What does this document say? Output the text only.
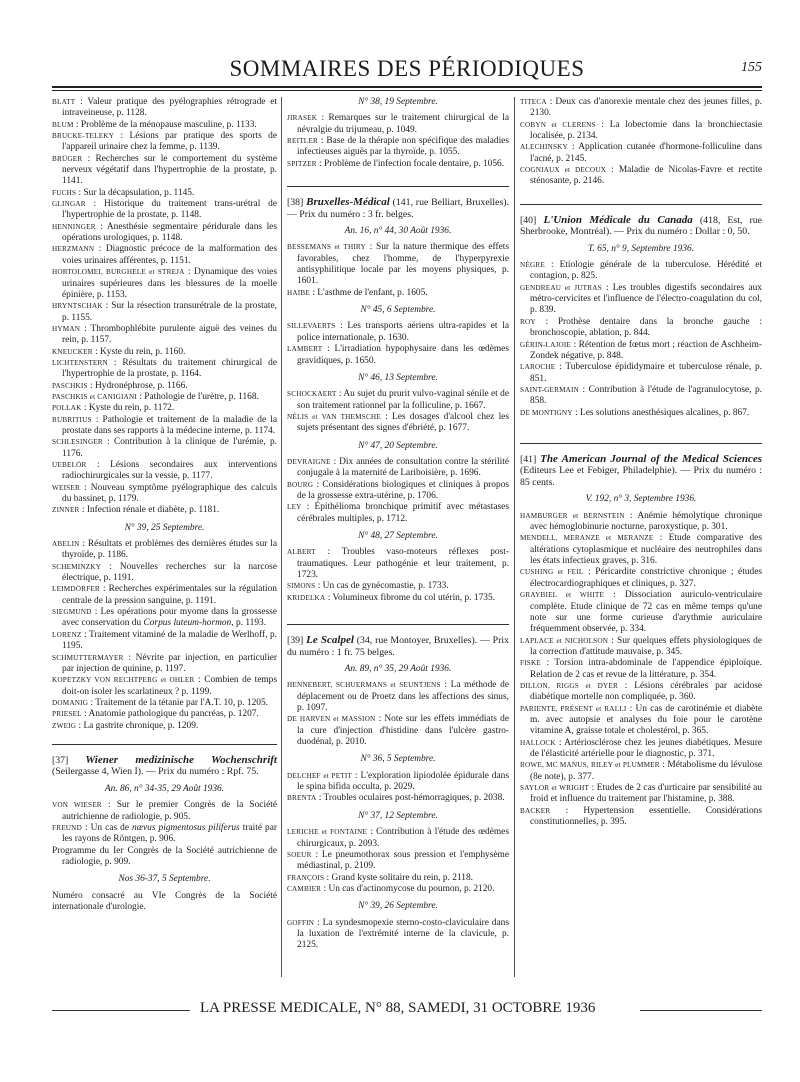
SOMMAIRES DES PÉRIODIQUES	155

BLATT : Valeur pratique des pyélographies rétrograde et intraveineuse, p. 1128.

BLUM : Problème de la ménopause masculine, p. 1133.

BRUCKE-TELEKY : Lésions par pratique des sports de l'appareil urinaire chez la femme, p. 1139.

BRÜGER : Recherches sur le comportement du système nerveux végétatif dans l'hypertrophie de la prostate, p. 1141.

FUCHS : Sur la décapsulation, p. 1145.

GLINGAR : Historique du traitement trans-urétral de l'hypertrophie de la prostate, p. 1148.

HENNINGER : Anesthésie segmentaire péridurale dans les opérations urologiques, p. 1148.

HERZMANN : Diagnostic précoce de la malformation des voies urinaires afférentes, p. 1151.

HORTOLOMEI, BURGHELE et STREJA : Dynamique des voies urinaires supérieures dans les blessures de la moelle épinière, p. 1153.

HRYNTSCHAK : Sur la résection transurétrale de la prostate, p. 1155.

HYMAN : Thrombophlébite purulente aiguë des veines du rein, p. 1157.

KNEUCKER : Kyste du rein, p. 1160.

LICHTENSTERN : Résultats du traitement chirurgical de l'hypertrophie de la prostate, p. 1164.

PASCHKIS : Hydronéphrose, p. 1166.

PASCHKIS et CANIGIANI : Pathologie de l'urètre, p. 1168.

POLLAK : Kyste du rein, p. 1172.

RUBRITIUS : Pathologie et traitement de la maladie de la prostate dans ses rapports à la médecine interne, p. 1174.

SCHLESINGER : Contribution à la clinique de l'urémie, p. 1176.

UEBELÖR : Lésions secondaires aux interventions radiochirurgicales sur la vessie, p. 1177.

WEISER : Nouveau symptôme pyélographique des calculs du bassinet, p. 1179.

ZINNER : Infection rénale et diabète, p. 1181.

N° 39, 25 Septembre.

ABELIN : Résultats et problèmes des dernières études sur la thyroïde, p. 1186.

SCHEMINZKY : Nouvelles recherches sur la narcose électrique, p. 1191.

LEIMDÖRFER : Recherches expérimentales sur la régulation centrale de la pression sanguine, p. 1191.

SIEGMUND : Les opérations pour myome dans la grossesse avec conservation du Corpus luteum-hormon, p. 1193.

LORENZ : Traitement vitaminé de la maladie de Werlhoff, p. 1195.

SCHMUTTERMAYER : Névrite par injection, en particulier par injection de quinine, p. 1197.

KOPETZKY VON RECHTPERG et OHLER : Combien de temps doit-on isoler les scarlatineux ? p. 1199.

DOMANIG : Traitement de la tétanie par l'A.T. 10, p. 1205.

PRIESEL : Anatomie pathologique du pancréas, p. 1207.

ZWEIG : La gastrite chronique, p. 1209.

[37] Wiener medizinische Wochenschrift (Seilergasse 4, Wien I). — Prix du numéro : Rpf. 75.

An. 86, n° 34-35, 29 Août 1936.

VON WIESER : Sur le premier Congrès de la Société autrichienne de radiologie, p. 905.

FREUND : Un cas de nævus pigmentosus piliferus traité par les rayons de Röntgen, p. 906.

Programme du Ier Congrès de la Société autrichienne de radiologie, p. 909.

Nos 36-37, 5 Septembre.

Numéro consacré au VIe Congrès de la Société internationale d'urologie.

N° 38, 19 Septembre.

JIRASEK : Remarques sur le traitement chirurgical de la névralgie du trijumeau, p. 1049.

REITLER : Base de la thérapie non spécifique des maladies infectieuses aiguës par la thyroïde, p. 1055.

SPITZER : Problème de l'infection focale dentaire, p. 1056.

[38] Bruxelles-Médical (141, rue Belliart, Bruxelles). — Prix du numéro : 3 fr. belges.

An. 16, n° 44, 30 Août 1936.

BESSEMANS et THIRY : Sur la nature thermique des effets favorables, chez l'homme, de l'hyperpyrexie antisyphilitique locale par les moyens physiques, p. 1601.

HAIBE : L'asthme de l'enfant, p. 1605.

N° 45, 6 Septembre.

SILLEVAERTS : Les transports aériens ultra-rapides et la police internationale, p. 1630.

LAMBERT : L'irradiation hypophysaire dans les œdèmes gravidiques, p. 1650.

N° 46, 13 Septembre.

SCHOCKAERT : Au sujet du prurit vulvo-vaginal sénile et de son traitement rationnel par la folliculine, p. 1667.

NÉLIS et VAN THEMSCHE : Les dosages d'alcool chez les sujets présentant des signes d'ébriété, p. 1677.

N° 47, 20 Septembre.

DEVRAIGNE : Dix années de consultation contre la stérilité conjugale à la maternité de Lariboisière, p. 1696.

BOURG : Considérations biologiques et cliniques à propos de la grossesse extra-utérine, p. 1706.

LEY : Épithélioma bronchique primitif avec métastases cérébrales multiples, p. 1712.

N° 48, 27 Septembre.

ALBERT : Troubles vaso-moteurs réflexes post-traumatiques. Leur pathogénie et leur traitement, p. 1723.

SIMONS : Un cas de gynécomastie, p. 1733.

KRIDELKA : Volumineux fibrome du col utérin, p. 1735.

[39] Le Scalpel (34, rue Montoyer, Bruxelles). — Prix du numéro : 1 fr. 75 belges.

An. 89, n° 35, 29 Août 1936.

HENNEBERT, SCHUERMANS et SEUNTJENS : La méthode de déplacement ou de Proetz dans les affections des sinus, p. 1097.

DE HARVEN et MASSION : Note sur les effets immédiats de la cure d'injection d'histidine dans l'ulcère gastro-duodénal, p. 2010.

N° 36, 5 Septembre.

DELCHEF et PETIT : L'exploration lipiodolée épidurale dans le spina bifida occulta, p. 2029.

BRENTA : Troubles oculaires post-hémorragiques, p. 2038.

N° 37, 12 Septembre.

LERICHE et FONTAINE : Contribution à l'étude des œdèmes chirurgicaux, p. 2093.

SOEUR : Le pneumothorax sous pression et l'emphysème médiastinal, p. 2109.

FRANÇOIS : Grand kyste solitaire du rein, p. 2118.

CAMBIER : Un cas d'actinomycose du poumon, p. 2120.

N° 39, 26 Septembre.

GOFFIN : La syndesmopexie sterno-costo-claviculaire dans la luxation de l'extrémité interne de la clavicule, p. 2125.

TITECA : Deux cas d'anorexie mentale chez des jeunes filles, p. 2130.

COBYN et CLERENS : La lobectomie dans la bronchiectasie localisée, p. 2134.

ALECHINSKY : Application cutanée d'hormone-folliculine dans l'acné, p. 2145.

COGNIAUX et DECOUX : Maladie de Nicolas-Favre et rectite sténosante, p. 2146.

[40] L'Union Médicale du Canada (418, Est, rue Sherbrooke, Montréal). — Prix du numéro : Dollar : 0, 50.

T. 65, n° 9, Septembre 1936.

NÈGRE : Etiologie générale de la tuberculose. Hérédité et contagion, p. 825.

GENDREAU et JUTRAS : Les troubles digestifs secondaires aux métro-cervicites et l'influence de l'électro-coagulation du col, p. 839.

ROY : Prothèse dentaire dans la bronche gauche : bronchoscopie, ablation, p. 844.

GÉRIN-LAJOIE : Rétention de fœtus mort ; réaction de Aschheim-Zondek négative, p. 848.

LAROCHE : Tuberculose épididymaire et tuberculose rénale, p. 851.

SAINT-GERMAIN : Contribution à l'étude de l'agranulocytose, p. 858.

DE MONTIGNY : Les solutions anesthésiques alcalines, p. 867.

[41] The American Journal of the Medical Sciences (Editeurs Lee et Febiger, Philadelphie). — Prix du numéro : 85 cents.

V. 192, n° 3, Septembre 1936.

HAMBURGER et BERNSTEIN : Anémie hémolytique chronique avec hémoglobinurie nocturne, paroxystique, p. 301.

MENDELL, MERANZE et MERANZE : Etude comparative des altérations cytoplasmique et nucléaire des neutrophiles dans les états infectieux graves, p. 316.

CUSHING et FEIL : Péricardite constrictive chronique ; études électrocardiographiques et cliniques, p. 327.

GRAYBIEL et WHITE : Dissociation auriculo-ventriculaire complète. Etude clinique de 72 cas en même temps qu'une note sur une forme curieuse d'arythmie auriculaire fréquemment observée, p. 334.

LAPLACE et NICHOLSON : Sur quelques effets physiologiques de la correction d'attitude mauvaise, p. 345.

FISKE : Torsion intra-abdominale de l'appendice épiploïque. Relation de 2 cas et revue de la littérature, p. 354.

DILLON, RIGGS et DYER : Lésions cérébrales par acidose diabétique mortelle non compliquée, p. 360.

PARIENTE, PRÉSENT et RALLI : Un cas de carotinémie et diabète m. avec autopsie et analyses du foie pour le carotène vitamine A, graisse totale et cholestérol, p. 365.

HALLOCK : Artériosclérose chez les jeunes diabétiques. Mesure de l'élasticité artérielle pour le diagnostic, p. 371.

ROWE, MC MANUS, RILEY et PLUMMER : Métabolisme du lévulose (8e note), p. 377.

SAYLOR et WRIGHT : Etudes de 2 cas d'urticaire par sensibilité au froid et influence du traitement par l'histamine, p. 388.

BACKER : Hypertension essentielle. Considérations constitutionnelles, p. 395.

LA PRESSE MEDICALE, N° 88, SAMEDI, 31 OCTOBRE 1936
